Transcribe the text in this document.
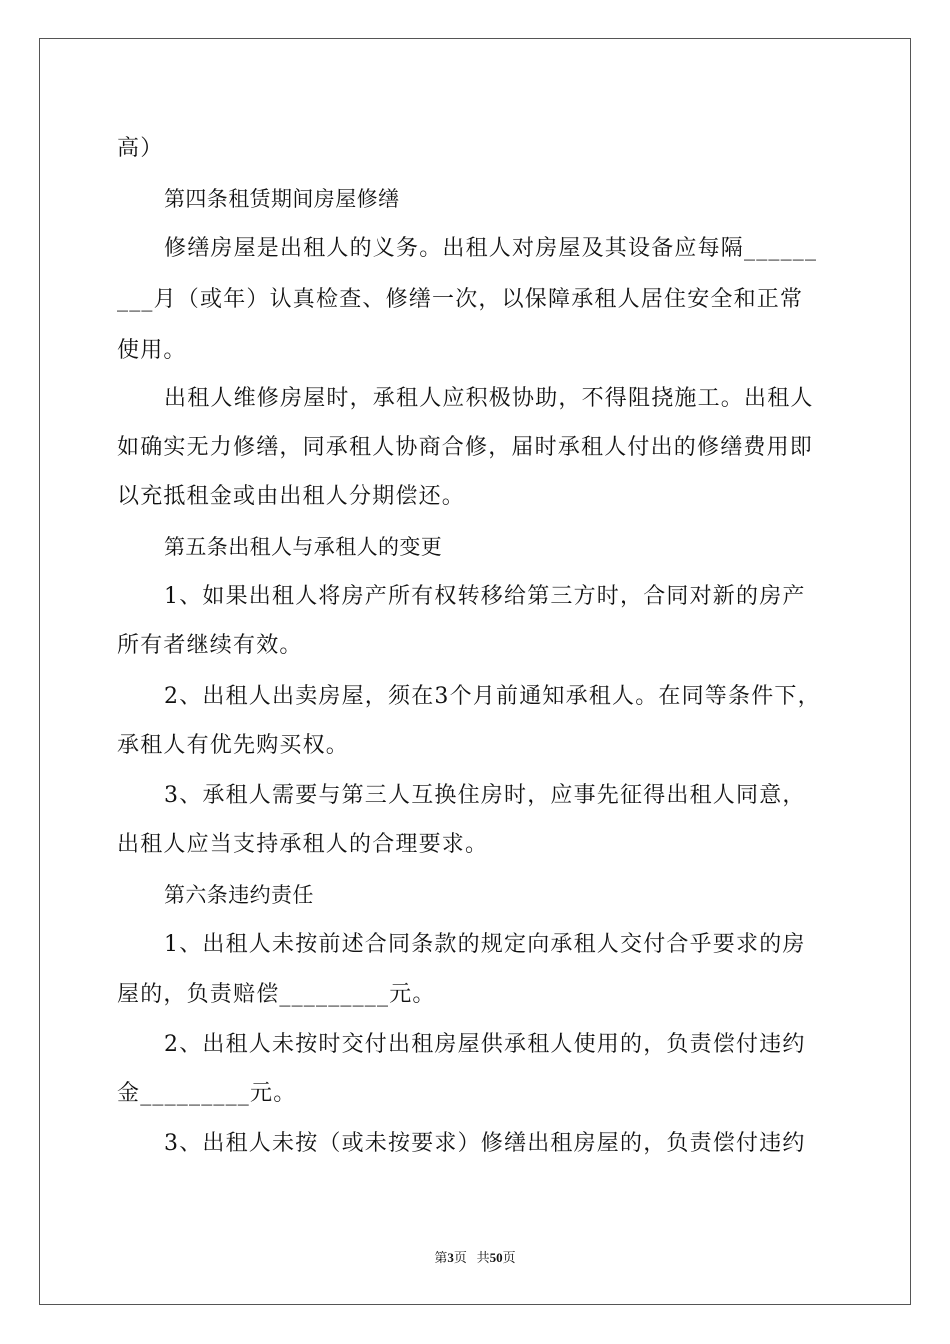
高）

第四条租赁期间房屋修缮

修缮房屋是出租人的义务。出租人对房屋及其设备应每隔______

___月（或年）认真检查、修缮一次，以保障承租人居住安全和正常

使用。

出租人维修房屋时，承租人应积极协助，不得阻挠施工。出租人

如确实无力修缮，同承租人协商合修，届时承租人付出的修缮费用即

以充抵租金或由出租人分期偿还。

第五条出租人与承租人的变更

1、如果出租人将房产所有权转移给第三方时，合同对新的房产

所有者继续有效。

2、出租人出卖房屋，须在3个月前通知承租人。在同等条件下，

承租人有优先购买权。

3、承租人需要与第三人互换住房时，应事先征得出租人同意，

出租人应当支持承租人的合理要求。

第六条违约责任

1、出租人未按前述合同条款的规定向承租人交付合乎要求的房

屋的，负责赔偿_________元。

2、出租人未按时交付出租房屋供承租人使用的，负责偿付违约

金_________元。

3、出租人未按（或未按要求）修缮出租房屋的，负责偿付违约

第3页   共50页
